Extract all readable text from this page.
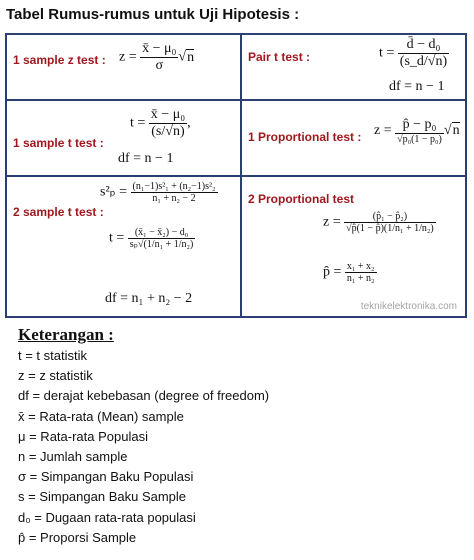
Tabel Rumus-rumus untuk Uji Hipotesis :
1 sample z test : $z = \frac{\text{x̄ − μ₀}}{\sigma} √n$	Pair t test :	$t = \frac{\text{d̄ − d₀}}{(s\_d/√n)}$
df = n − 1
1 sample t test :
$t = \frac{\text{x̄ − μ₀}}{(s/√n)}$ ,
df = n − 1
1 Proportional test : $z = \frac{\text{p̂ − p₀}}{\text{√p₀(1 − p₀)}} √n$
2 sample t test :
$s^2_p = \frac{\text{(n₁−1)s²₁ + (n₂−1)s²₂}}{\text{n₁ + n₂ − 2}}$
$t = \frac{\text{(x̄₁ − x̄₂) − d₀}}{\text{sₚ√(1/n₁ + 1/n₂)}}$
df = n₁ + n₂ − 2
2 Proportional test
$z = \frac{\text{(p̂₁ − p̂₂)}}{\text{√p̂(1 − p̂)(1/n₁ + 1/n₂)}}$
p̂ = $\frac{\text{x₁ + x₂}}{\text{n₁ + n₂}}$
teknikelektronika.com
Keterangan :
t = t statistik
z = z statistik
df = derajat kebebasan (degree of freedom)
x̄ = Rata-rata (Mean) sample
μ = Rata-rata Populasi
n = Jumlah sample
σ = Simpangan Baku Populasi
s = Simpangan Baku Sample
d₀ = Dugaan rata-rata populasi
p̂ = Proporsi Sample
